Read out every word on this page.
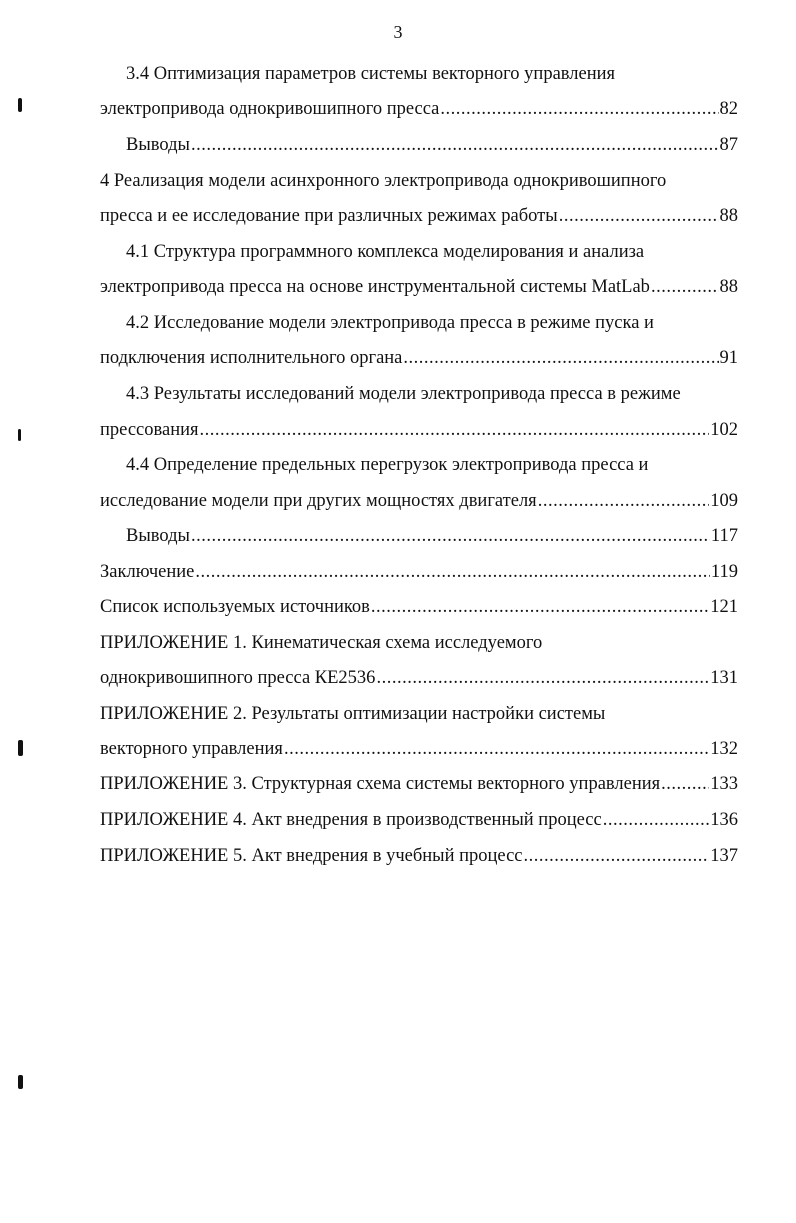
3
3.4 Оптимизация параметров системы векторного управления
электропривода однокривошипного пресса .....	82
Выводы .....	87
4 Реализация модели асинхронного электропривода однокривошипного
пресса и ее исследование при различных режимах работы .....	88
4.1 Структура программного комплекса моделирования и анализа
электропривода пресса на основе инструментальной системы MatLab .....	88
4.2 Исследование модели электропривода пресса в режиме пуска и
подключения исполнительного органа .....	91
4.3 Результаты исследований модели электропривода пресса в режиме
прессования .....	102
4.4 Определение предельных перегрузок электропривода пресса и
исследование модели при других мощностях двигателя .....	109
Выводы .....	117
Заключение .....	119
Список используемых источников .....	121
ПРИЛОЖЕНИЕ 1. Кинематическая схема исследуемого
однокривошипного пресса КЕ2536 .....	131
ПРИЛОЖЕНИЕ 2. Результаты оптимизации настройки системы
векторного управления .....	132
ПРИЛОЖЕНИЕ 3. Структурная схема системы векторного управления .....	133
ПРИЛОЖЕНИЕ 4. Акт внедрения в производственный процесс .....	136
ПРИЛОЖЕНИЕ 5. Акт внедрения в учебный процесс .....	137
